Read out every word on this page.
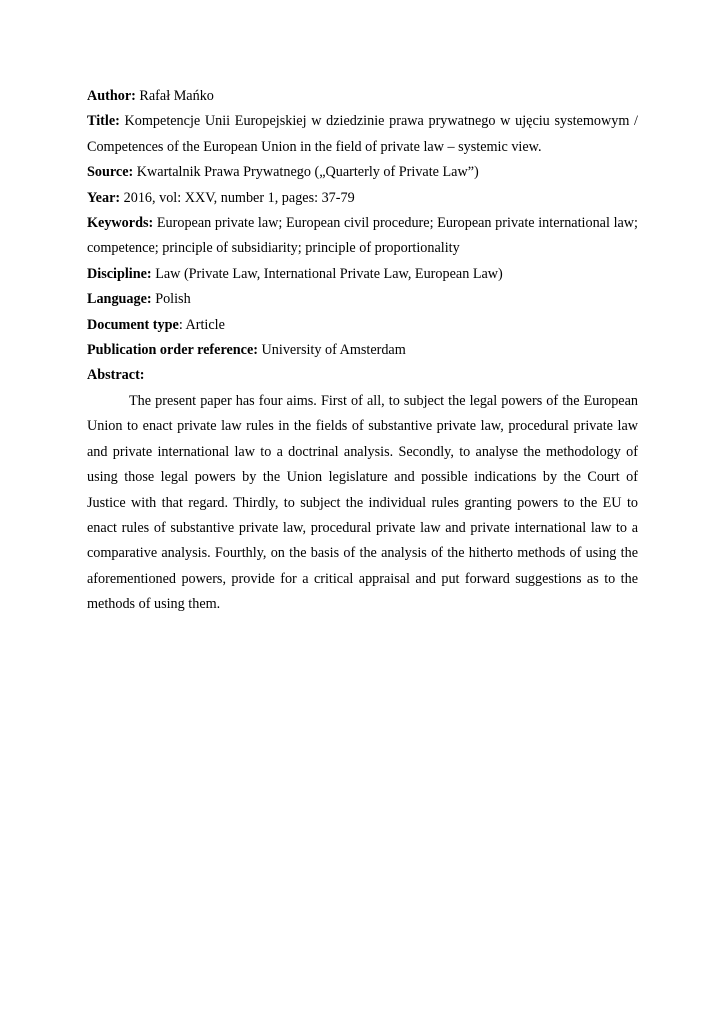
Author: Rafał Mańko

Title: Kompetencje Unii Europejskiej w dziedzinie prawa prywatnego w ujęciu systemowym / Competences of the European Union in the field of private law – systemic view.

Source: Kwartalnik Prawa Prywatnego („Quarterly of Private Law”)

Year: 2016, vol: XXV, number 1, pages: 37-79

Keywords: European private law; European civil procedure; European private international law; competence; principle of subsidiarity; principle of proportionality

Discipline: Law (Private Law, International Private Law, European Law)

Language: Polish

Document type: Article

Publication order reference: University of Amsterdam

Abstract:

The present paper has four aims. First of all, to subject the legal powers of the European Union to enact private law rules in the fields of substantive private law, procedural private law and private international law to a doctrinal analysis. Secondly, to analyse the methodology of using those legal powers by the Union legislature and possible indications by the Court of Justice with that regard. Thirdly, to subject the individual rules granting powers to the EU to enact rules of substantive private law, procedural private law and private international law to a comparative analysis. Fourthly, on the basis of the analysis of the hitherto methods of using the aforementioned powers, provide for a critical appraisal and put forward suggestions as to the methods of using them.
